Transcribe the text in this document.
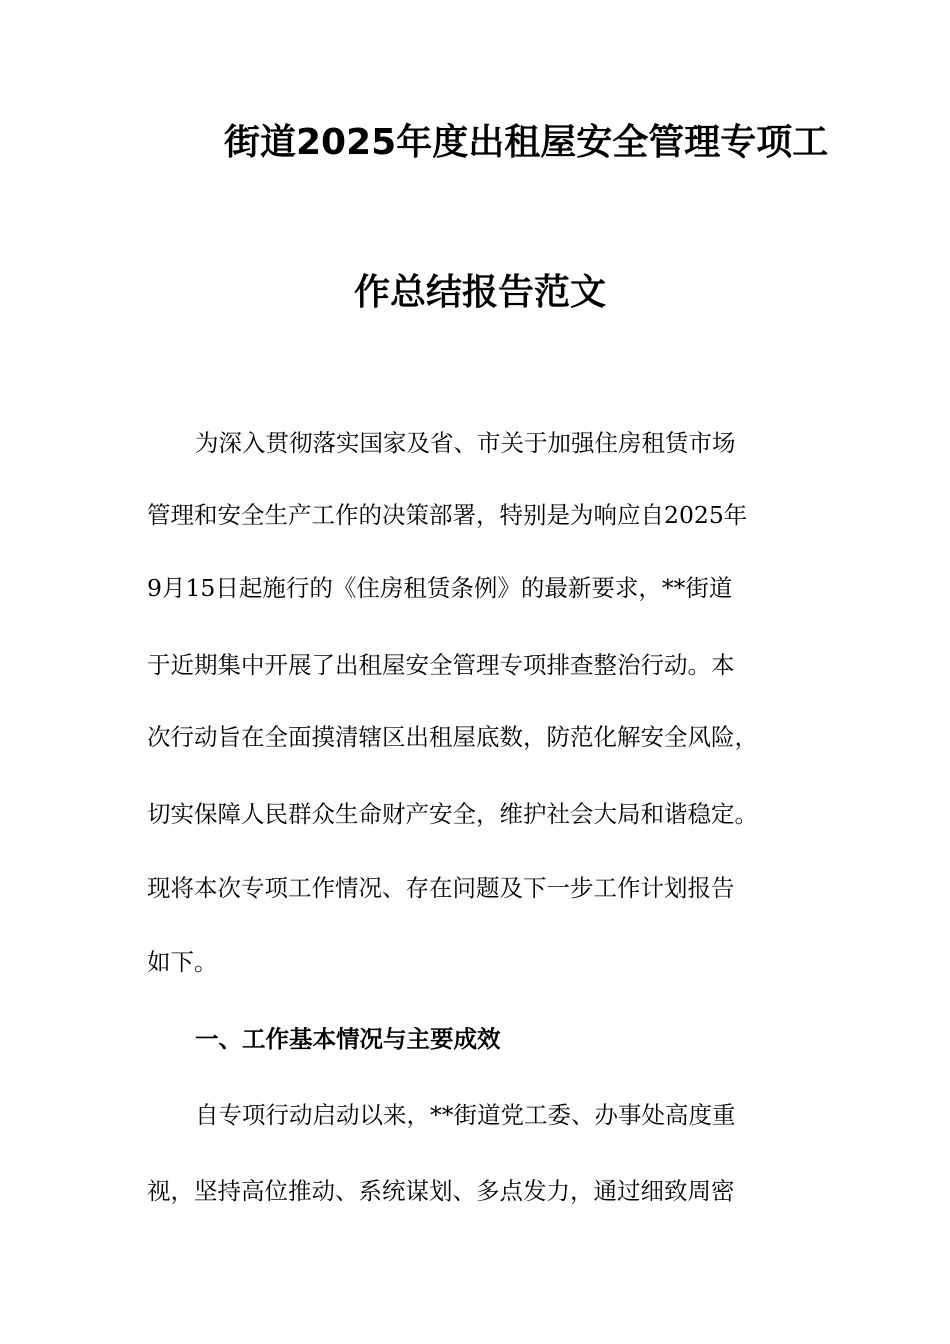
街道2025年度出租屋安全管理专项工
作总结报告范文
为深入贯彻落实国家及省、市关于加强住房租赁市场
管理和安全生产工作的决策部署，特别是为响应自2025年
9月15日起施行的《住房租赁条例》的最新要求，**街道
于近期集中开展了出租屋安全管理专项排查整治行动。本
次行动旨在全面摸清辖区出租屋底数，防范化解安全风险，
切实保障人民群众生命财产安全，维护社会大局和谐稳定。
现将本次专项工作情况、存在问题及下一步工作计划报告
如下。
一、工作基本情况与主要成效
自专项行动启动以来，**街道党工委、办事处高度重
视，坚持高位推动、系统谋划、多点发力，通过细致周密
